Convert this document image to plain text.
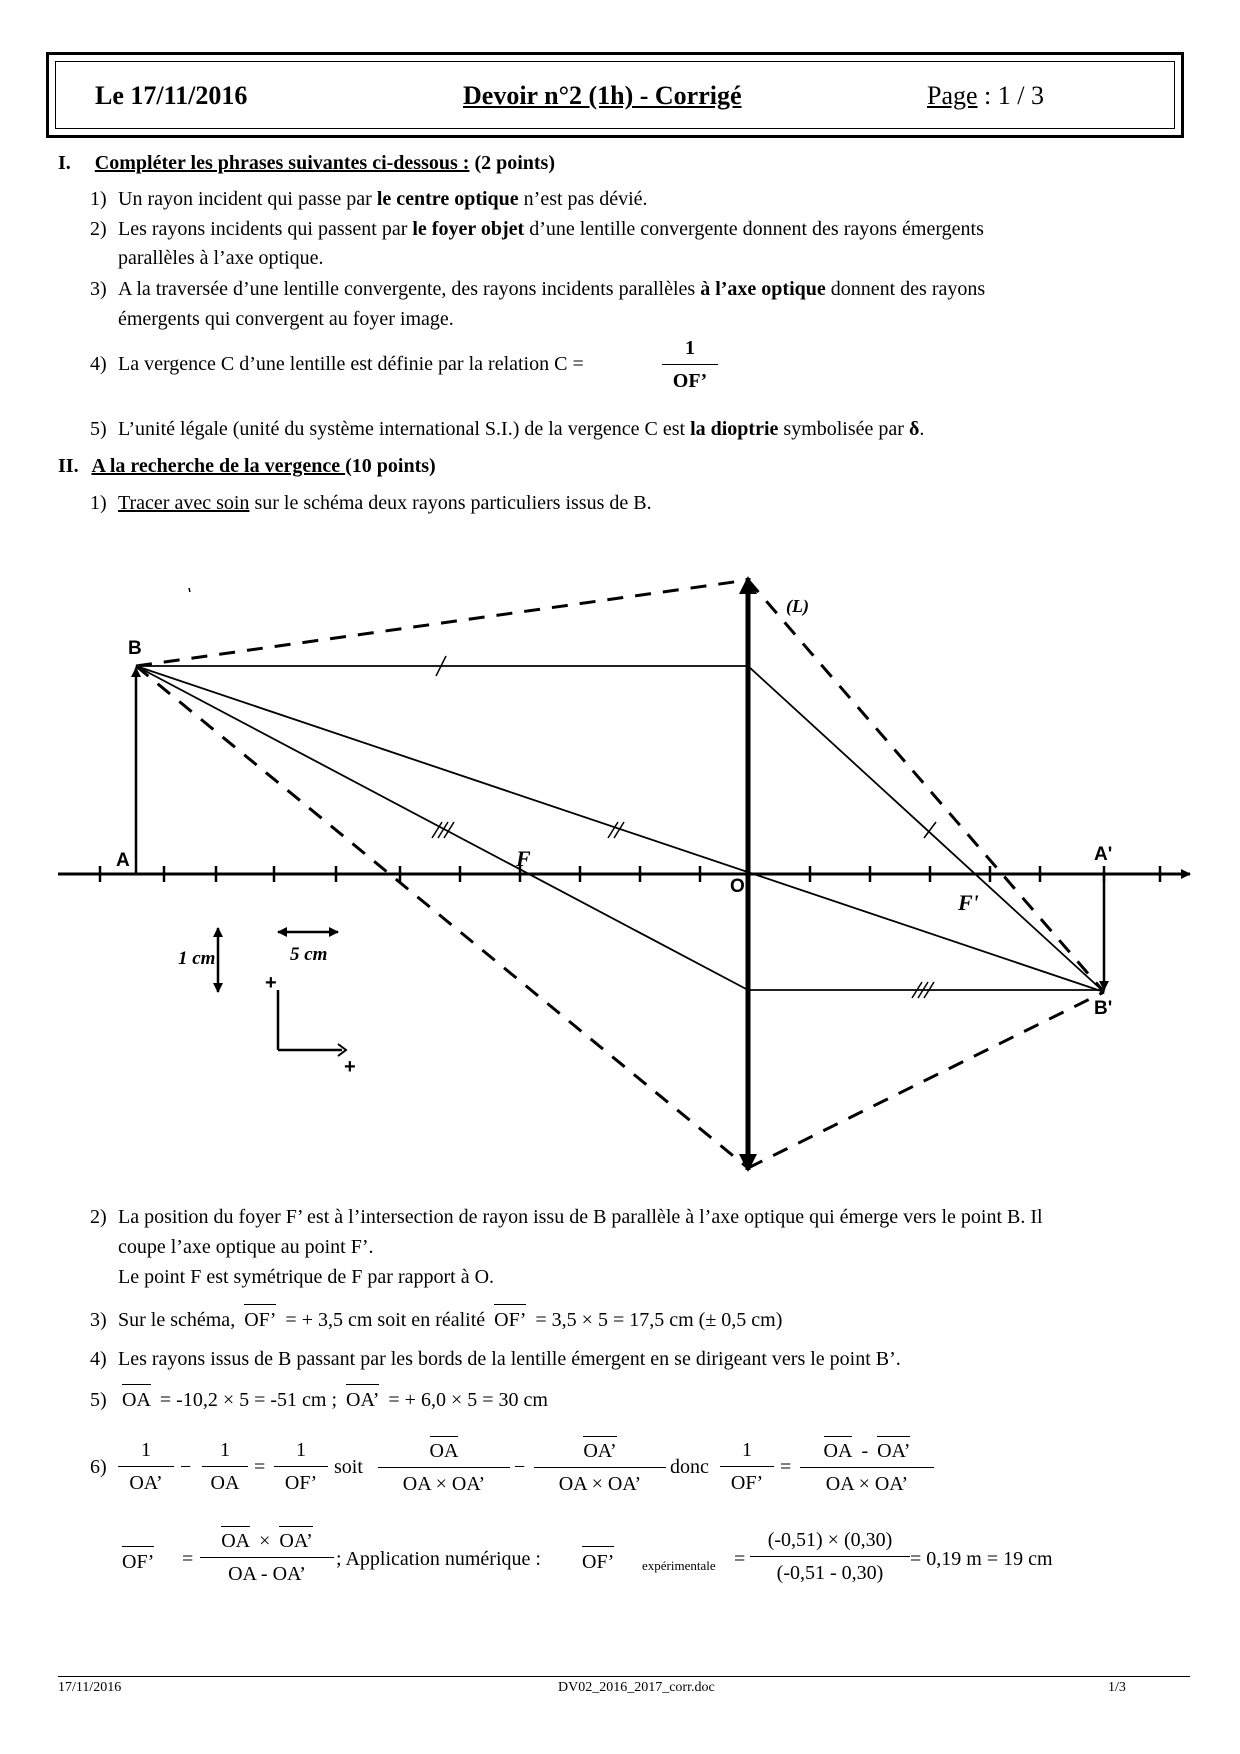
Le 17/11/2016	Devoir n°2 (1h) - Corrigé	Page : 1 / 3
I. Compléter les phrases suivantes ci-dessous : (2 points)
1) Un rayon incident qui passe par le centre optique n’est pas dévié.
2) Les rayons incidents qui passent par le foyer objet d’une lentille convergente donnent des rayons émergents
parallèles à l’axe optique.
3) A la traversée d’une lentille convergente, des rayons incidents parallèles à l’axe optique donnent des rayons
émergents qui convergent au foyer image.
4) La vergence C d’une lentille est définie par la relation C =	$\frac{1}{OF’}$
5) L’unité légale (unité du système international S.I.) de la vergence C est la dioptrie symbolisée par δ.
II. A la recherche de la vergence (10 points)
1) Tracer avec soin sur le schéma deux rayons particuliers issus de B.
(L)
B
A	F
O
F'
A'
B'
1 cm	5 cm
+
+
2) La position du foyer F’ est à l’intersection de rayon issu de B parallèle à l’axe optique qui émerge vers le point B. Il
coupe l’axe optique au point F’.
Le point F est symétrique de F par rapport à O.
3) Sur le schéma, OF’ = + 3,5 cm soit en réalité OF’ = 3,5 × 5 = 17,5 cm (± 0,5 cm)
4) Les rayons issus de B passant par les bords de la lentille émergent en se dirigeant vers le point B’.
5) OA = -10,2 × 5 = -51 cm ; OA’ = + 6,0 × 5 = 30 cm
$6) \frac{1}{OA’} - \frac{1}{OA} = \frac{1}{OF’}$ soit $\frac{OA}{OA \times OA’} - \frac{OA’}{OA \times OA’}$ donc $\frac{1}{OF’} = \frac{OA - OA’}{OA \times OA’}$
OF’ = $\frac{OA \times OA’}{OA - OA’}$ ; Application numérique : OF’	expérimentale = $\frac{(-0,51) \times (0,30)}{(-0,51 - 0,30)} = 0,19$ m = 19 cm
17/11/2016	DV02_2016_2017_corr.doc	1/3
